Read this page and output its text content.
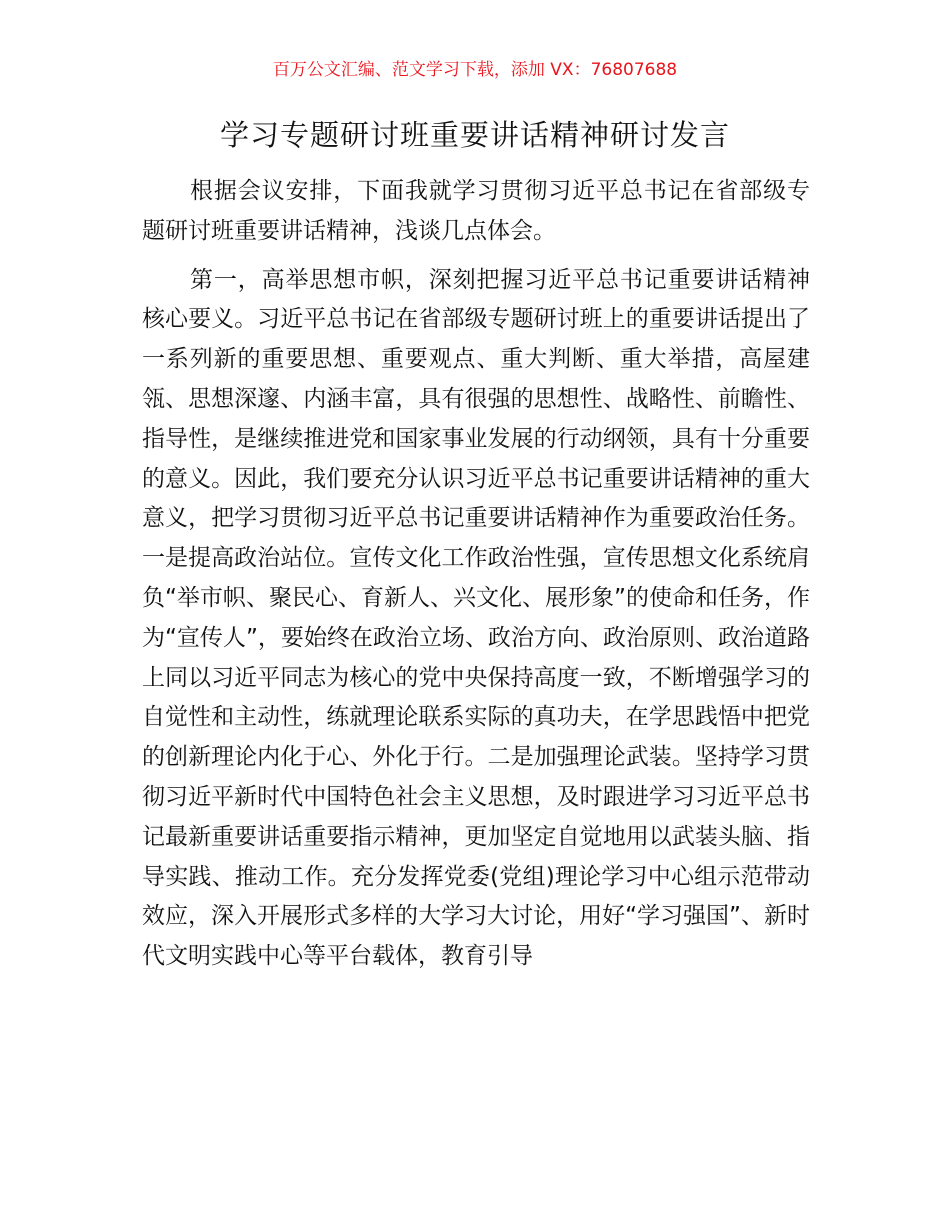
百万公文汇编、范文学习下载，添加 VX：76807688
学习专题研讨班重要讲话精神研讨发言

根据会议安排，下面我就学习贯彻习近平总书记在省部级专题研讨班重要讲话精神，浅谈几点体会。

第一，高举思想市帜，深刻把握习近平总书记重要讲话精神核心要义。习近平总书记在省部级专题研讨班上的重要讲话提出了一系列新的重要思想、重要观点、重大判断、重大举措，高屋建瓴、思想深邃、内涵丰富，具有很强的思想性、战略性、前瞻性、指导性，是继续推进党和国家事业发展的行动纲领，具有十分重要的意义。因此，我们要充分认识习近平总书记重要讲话精神的重大意义，把学习贯彻习近平总书记重要讲话精神作为重要政治任务。一是提高政治站位。宣传文化工作政治性强，宣传思想文化系统肩负“举市帜、聚民心、育新人、兴文化、展形象”的使命和任务，作为“宣传人”，要始终在政治立场、政治方向、政治原则、政治道路上同以习近平同志为核心的党中央保持高度一致，不断增强学习的自觉性和主动性，练就理论联系实际的真功夫，在学思践悟中把党的创新理论内化于心、外化于行。二是加强理论武装。坚持学习贯彻习近平新时代中国特色社会主义思想，及时跟进学习习近平总书记最新重要讲话重要指示精神，更加坚定自觉地用以武装头脑、指导实践、推动工作。充分发挥党委(党组)理论学习中心组示范带动效应，深入开展形式多样的大学习大讨论，用好“学习强国”、新时代文明实践中心等平台载体，教育引导
